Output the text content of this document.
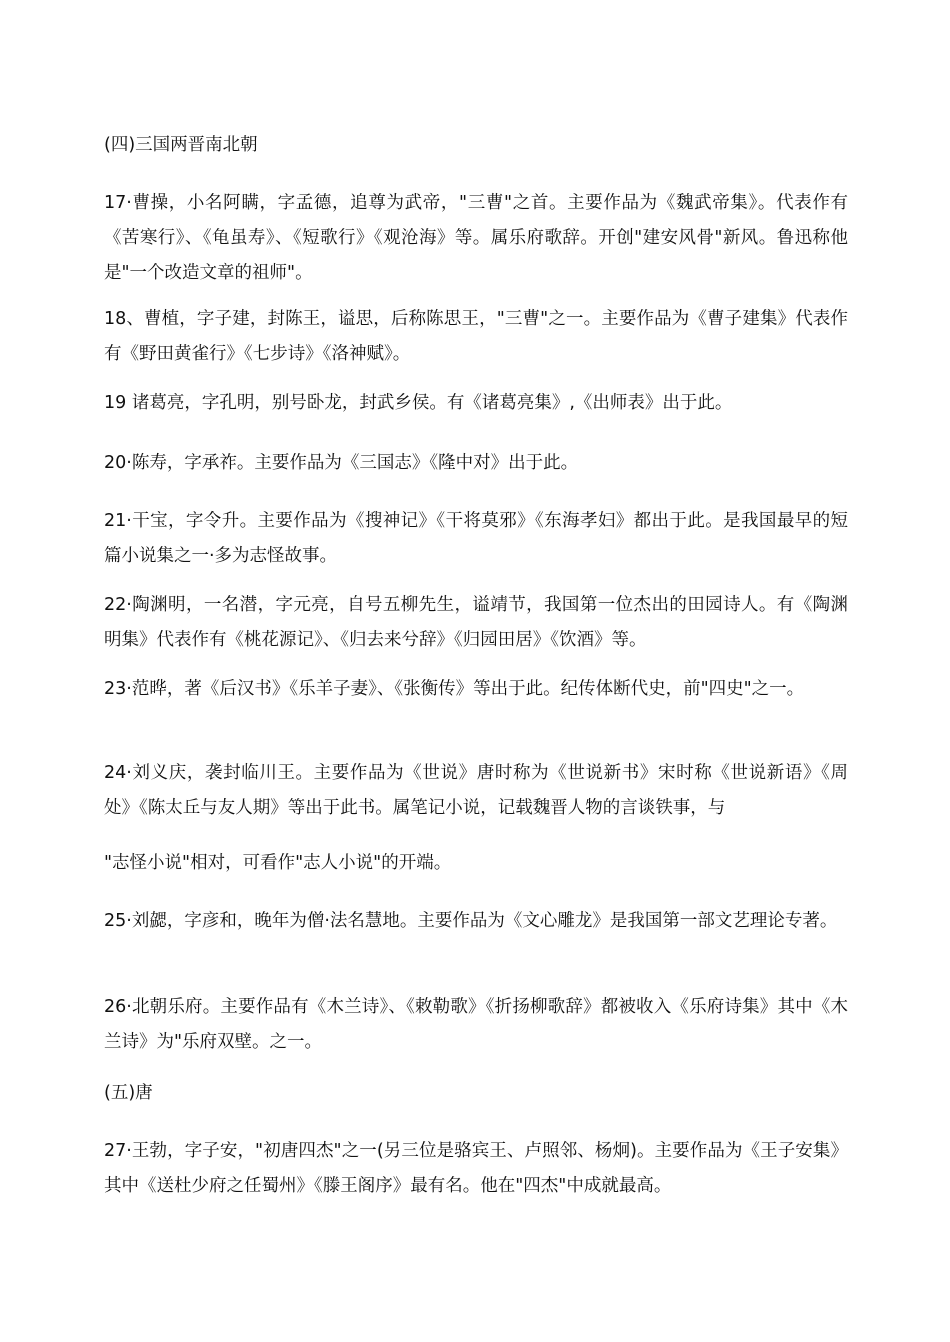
(四)三国两晋南北朝

17·曹操，小名阿瞒，字孟德，追尊为武帝，"三曹"之首。主要作品为《魏武帝集》。代表作有《苦寒行》、《龟虽寿》、《短歌行》《观沧海》等。属乐府歌辞。开创"建安风骨"新风。鲁迅称他是"一个改造文章的祖师"。

18、曹植，字子建，封陈王，谥思，后称陈思王，"三曹"之一。主要作品为《曹子建集》代表作有《野田黄雀行》《七步诗》《洛神赋》。

19 诸葛亮，字孔明，别号卧龙，封武乡侯。有《诸葛亮集》,《出师表》出于此。

20·陈寿，字承祚。主要作品为《三国志》《隆中对》出于此。

21·干宝，字令升。主要作品为《搜神记》《干将莫邪》《东海孝妇》都出于此。是我国最早的短篇小说集之一·多为志怪故事。

22·陶渊明，一名潜，字元亮，自号五柳先生，谥靖节，我国第一位杰出的田园诗人。有《陶渊明集》代表作有《桃花源记》、《归去来兮辞》《归园田居》《饮酒》等。

23·范晔，著《后汉书》《乐羊子妻》、《张衡传》等出于此。纪传体断代史，前"四史"之一。

24·刘义庆，袭封临川王。主要作品为《世说》唐时称为《世说新书》宋时称《世说新语》《周处》《陈太丘与友人期》等出于此书。属笔记小说，记载魏晋人物的言谈铁事，与

"志怪小说"相对，可看作"志人小说"的开端。

25·刘勰，字彦和，晚年为僧·法名慧地。主要作品为《文心雕龙》是我国第一部文艺理论专著。

26·北朝乐府。主要作品有《木兰诗》、《敕勒歌》《折扬柳歌辞》都被收入《乐府诗集》其中《木兰诗》为"乐府双壁。之一。

(五)唐

27·王勃，字子安，"初唐四杰"之一(另三位是骆宾王、卢照邻、杨炯)。主要作品为《王子安集》其中《送杜少府之任蜀州》《滕王阁序》最有名。他在"四杰"中成就最高。
